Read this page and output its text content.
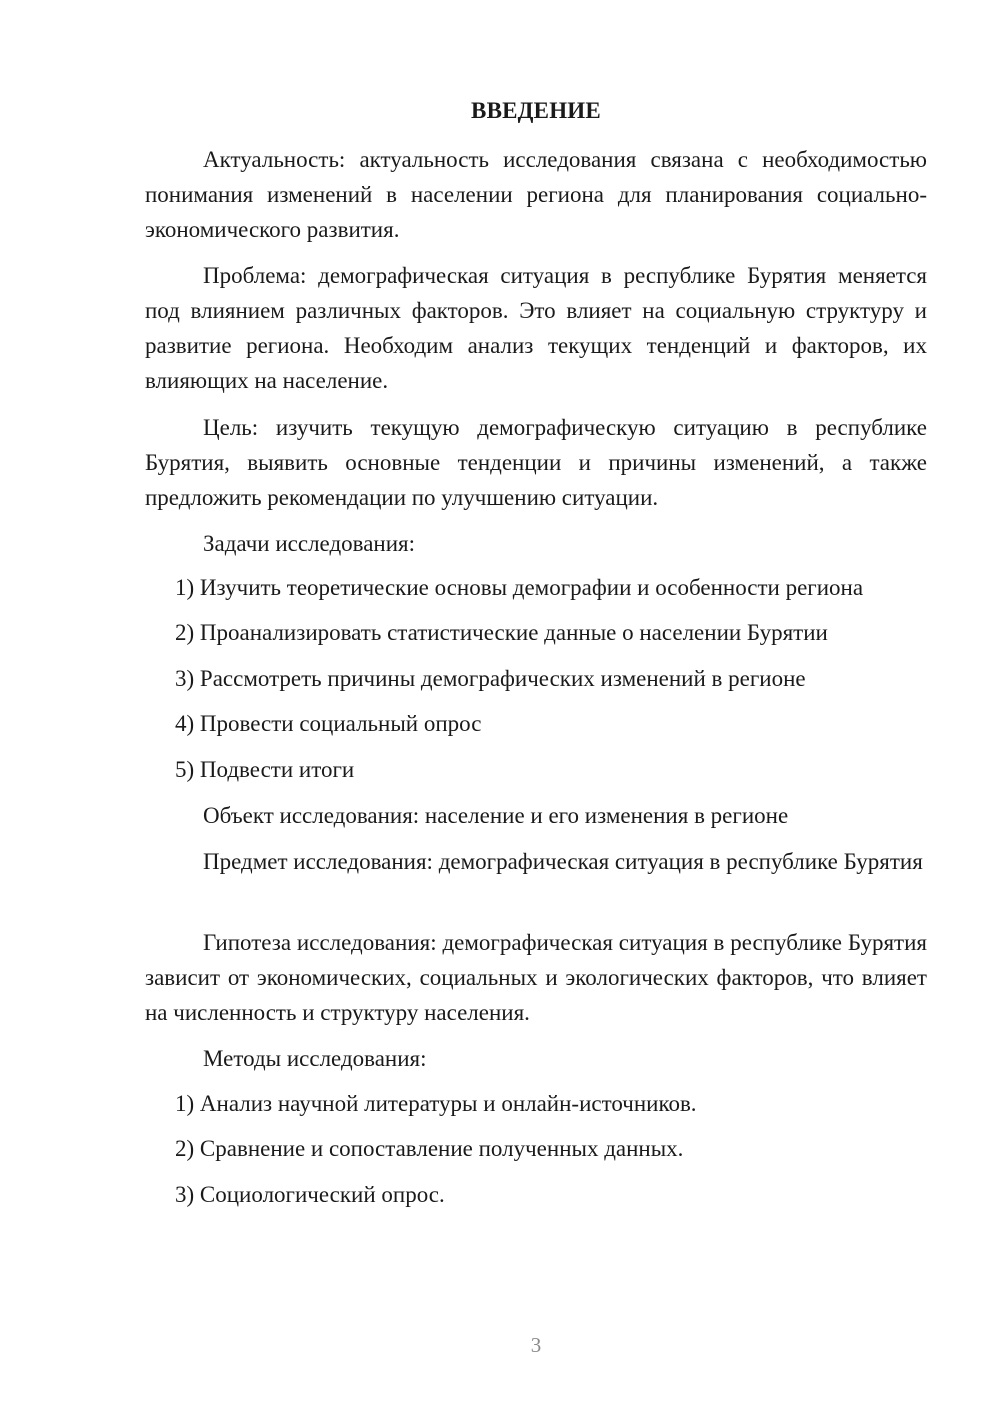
ВВЕДЕНИЕ

Актуальность: актуальность исследования связана с необходимостью понимания изменений в населении региона для планирования социально-экономического развития.

Проблема: демографическая ситуация в республике Бурятия меняется под влиянием различных факторов. Это влияет на социальную структуру и развитие региона. Необходим анализ текущих тенденций и факторов, их влияющих на население.

Цель: изучить текущую демографическую ситуацию в республике Бурятия, выявить основные тенденции и причины изменений, а также предложить рекомендации по улучшению ситуации.

Задачи исследования:

1) Изучить теоретические основы демографии и особенности региона
2) Проанализировать статистические данные о населении Бурятии
3) Рассмотреть причины демографических изменений в регионе
4) Провести социальный опрос
5) Подвести итоги

Объект исследования: население и его изменения в регионе

Предмет исследования: демографическая ситуация в республике Бурятия

Гипотеза исследования: демографическая ситуация в республике Бурятия зависит от экономических, социальных и экологических факторов, что влияет на численность и структуру населения.

Методы исследования:

1) Анализ научной литературы и онлайн-источников.
2) Сравнение и сопоставление полученных данных.
3) Социологический опрос.
3
